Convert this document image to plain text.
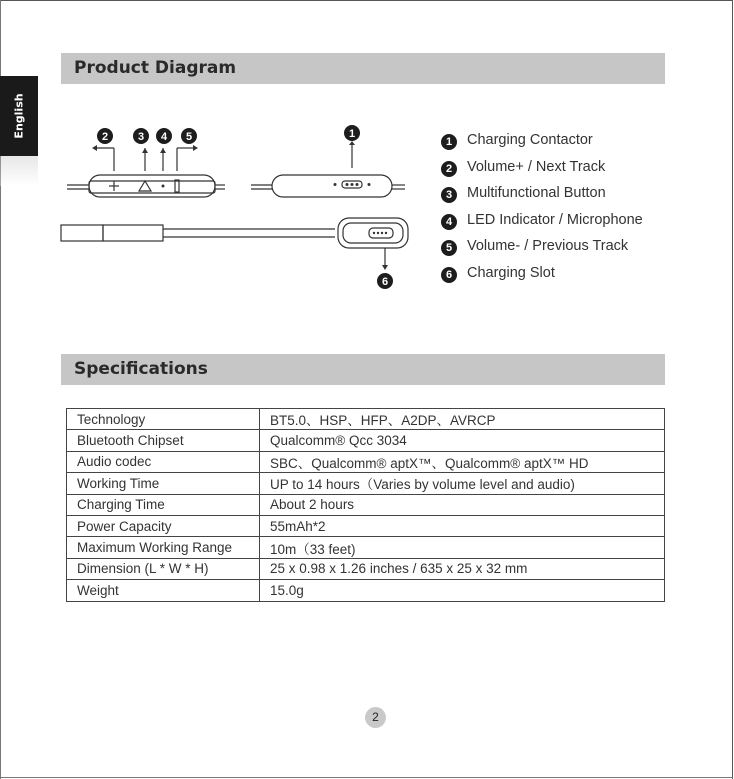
English
Product Diagram
2	3 4 5	1
6
1	Charging Contactor
2	Volume+ / Next Track
3	Multifunctional Button
4	LED Indicator / Microphone
5	Volume- / Previous Track
6	Charging Slot
Specifications
Technology	BT5.0、HSP、HFP、A2DP、AVRCP
Bluetooth Chipset	Qualcomm® Qcc 3034
Audio codec	SBC、Qualcomm® aptX™、Qualcomm® aptX™ HD
Working Time	UP to 14 hours（Varies by volume level and audio)
Charging Time	About 2 hours
Power Capacity	55mAh*2
Maximum Working Range	10m（33 feet)
Dimension (L * W * H)	25 x 0.98 x 1.26 inches / 635 x 25 x 32 mm
Weight	15.0g
2
